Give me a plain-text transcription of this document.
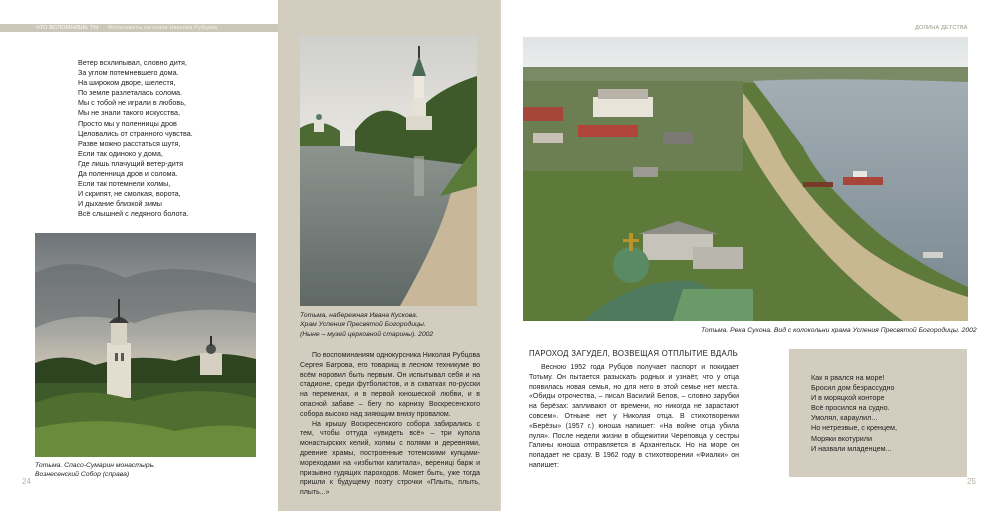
ЧТО ВСПОМНИШЬ ТЫ Фотосюжеты на стихи Николая Рубцова
Ветер всхлипывал, словно дитя,
За углом потемневшего дома.
На широком дворе, шелестя,
По земле разлеталась солома.
Мы с тобой не играли в любовь,
Мы не знали такого искусства,
Просто мы у поленницы дров
Целовались от странного чувства.
Разве можно расстаться шутя,
Если так одиноко у дома,
Где лишь плачущий ветер-дитя
Да поленница дров и солома.
Если так потемнели холмы,
И скрипят, не смолкая, ворота,
И дыхание близкой зимы
Всё слышней с ледяного болота.
Тотьма. Спасо-Сумарин монастырь.
Вознесенский Собор (справа)
24
Тотьма, набережная Ивана Кускова.
Храм Успения Пресвятой Богородицы.
(Ныне – музей церковной старины). 2002

По воспоминаниям однокурсника Николая Рубцова Сергея Багрова, его товарищ в лесном техникуме во всём норовил быть первым. Он испытывал себя и на стадионе, среди футболистов, и в схватках по-русски на переменах, и в первой юношеской любви, и в опасной забаве – бегу по карнизу Воскресенского собора высоко над зияющим внизу провалом.

На крышу Воскресенского собора забирались с тем, чтобы оттуда «увидеть всё» – три купола монастырских келий, холмы с полями и деревнями, древние храмы, построенные тотемскими купцами-мореходами на «избытки капитала», верениці барж и призывно гудящих пароходов. Может быть, уже тогда пришли к будущему поэту строчки «Плыть, плыть, плыть...»

ДОЛИНА ДЕТСТВА
Тотьма. Река Сухона. Вид с колокольни храма Успения Пресвятой Богородицы. 2002
ПАРОХОД ЗАГУДЕЛ, ВОЗВЕЩАЯ ОТПЛЫТИЕ ВДАЛЬ

Весною 1952 года Рубцов получает паспорт и покидает Тотьму. Он пытается разыскать родных и узнаёт, что у отца появилась новая семья, но для него в этой семье нет места. «Обиды отрочества, – писал Василий Белов, – словно зарубки на берёзах: запливают от времени, но никогда не зарастают совсем». Отныне нет у Николая отца. В стихотворении «Берёзы» (1957 г.) юноша напишет: «На войне отца убила пуля». После недели жизни в общежитии Череповца у сестры Галины юноша отправляется в Архангельск. Но на море он попадает не сразу. В 1962 году в стихотворении «Фиалки» он напишет:

Как я рвался на море!
Бросил дом безрассудно
И в моряцкой конторе
Всё просился на судно.
Умолял, караулил...
Но нетрезвые, с кренцем,
Моряки вкотурили
И назвали младенцем...
25
